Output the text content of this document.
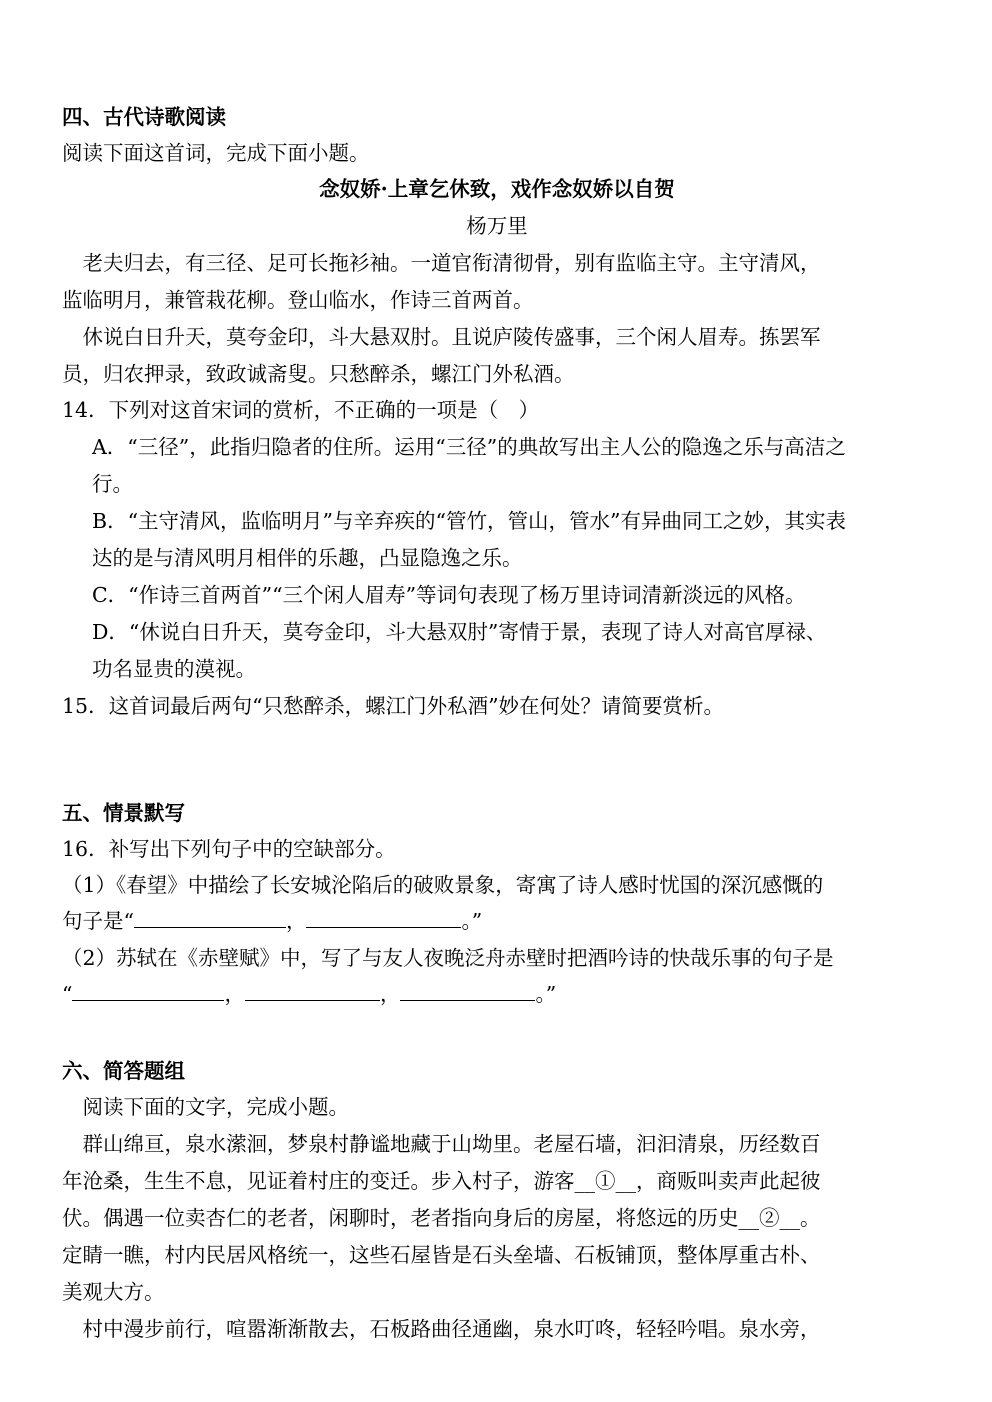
四、古代诗歌阅读
阅读下面这首词，完成下面小题。
念奴娇·上章乞休致，戏作念奴娇以自贺
杨万里
　老夫归去，有三径、足可长拖衫袖。一道官衔清彻骨，别有监临主守。主守清风，
监临明月，兼管栽花柳。登山临水，作诗三首两首。
　休说白日升天，莫夸金印，斗大悬双肘。且说庐陵传盛事，三个闲人眉寿。拣罢军
员，归农押录，致政诚斋叟。只愁醉杀，螺江门外私酒。
14．下列对这首宋词的赏析，不正确的一项是（　）
A．“三径”，此指归隐者的住所。运用“三径”的典故写出主人公的隐逸之乐与高洁之
行。
B．“主守清风，监临明月”与辛弃疾的“管竹，管山，管水”有异曲同工之妙，其实表
达的是与清风明月相伴的乐趣，凸显隐逸之乐。
C．“作诗三首两首”“三个闲人眉寿”等词句表现了杨万里诗词清新淡远的风格。
D．“休说白日升天，莫夸金印，斗大悬双肘”寄情于景，表现了诗人对高官厚禄、
功名显贵的漠视。
15．这首词最后两句“只愁醉杀，螺江门外私酒”妙在何处？请简要赏析。
五、情景默写
16．补写出下列句子中的空缺部分。
（1）《春望》中描绘了长安城沦陷后的破败景象，寄寓了诗人感时忧国的深沉感慨的
句子是“	，	。”
（2）苏轼在《赤壁赋》中，写了与友人夜晚泛舟赤壁时把酒吟诗的快哉乐事的句子是
“	，	，	。”
六、简答题组
　阅读下面的文字，完成小题。
　群山绵亘，泉水潆洄，梦泉村静谧地藏于山坳里。老屋石墙，汩汩清泉，历经数百
年沧桑，生生不息，见证着村庄的变迁。步入村子，游客__①__，商贩叫卖声此起彼
伏。偶遇一位卖杏仁的老者，闲聊时，老者指向身后的房屋，将悠远的历史__②__。
定睛一瞧，村内民居风格统一，这些石屋皆是石头垒墙、石板铺顶，整体厚重古朴、
美观大方。
　村中漫步前行，喧嚣渐渐散去，石板路曲径通幽，泉水叮咚，轻轻吟唱。泉水旁，
